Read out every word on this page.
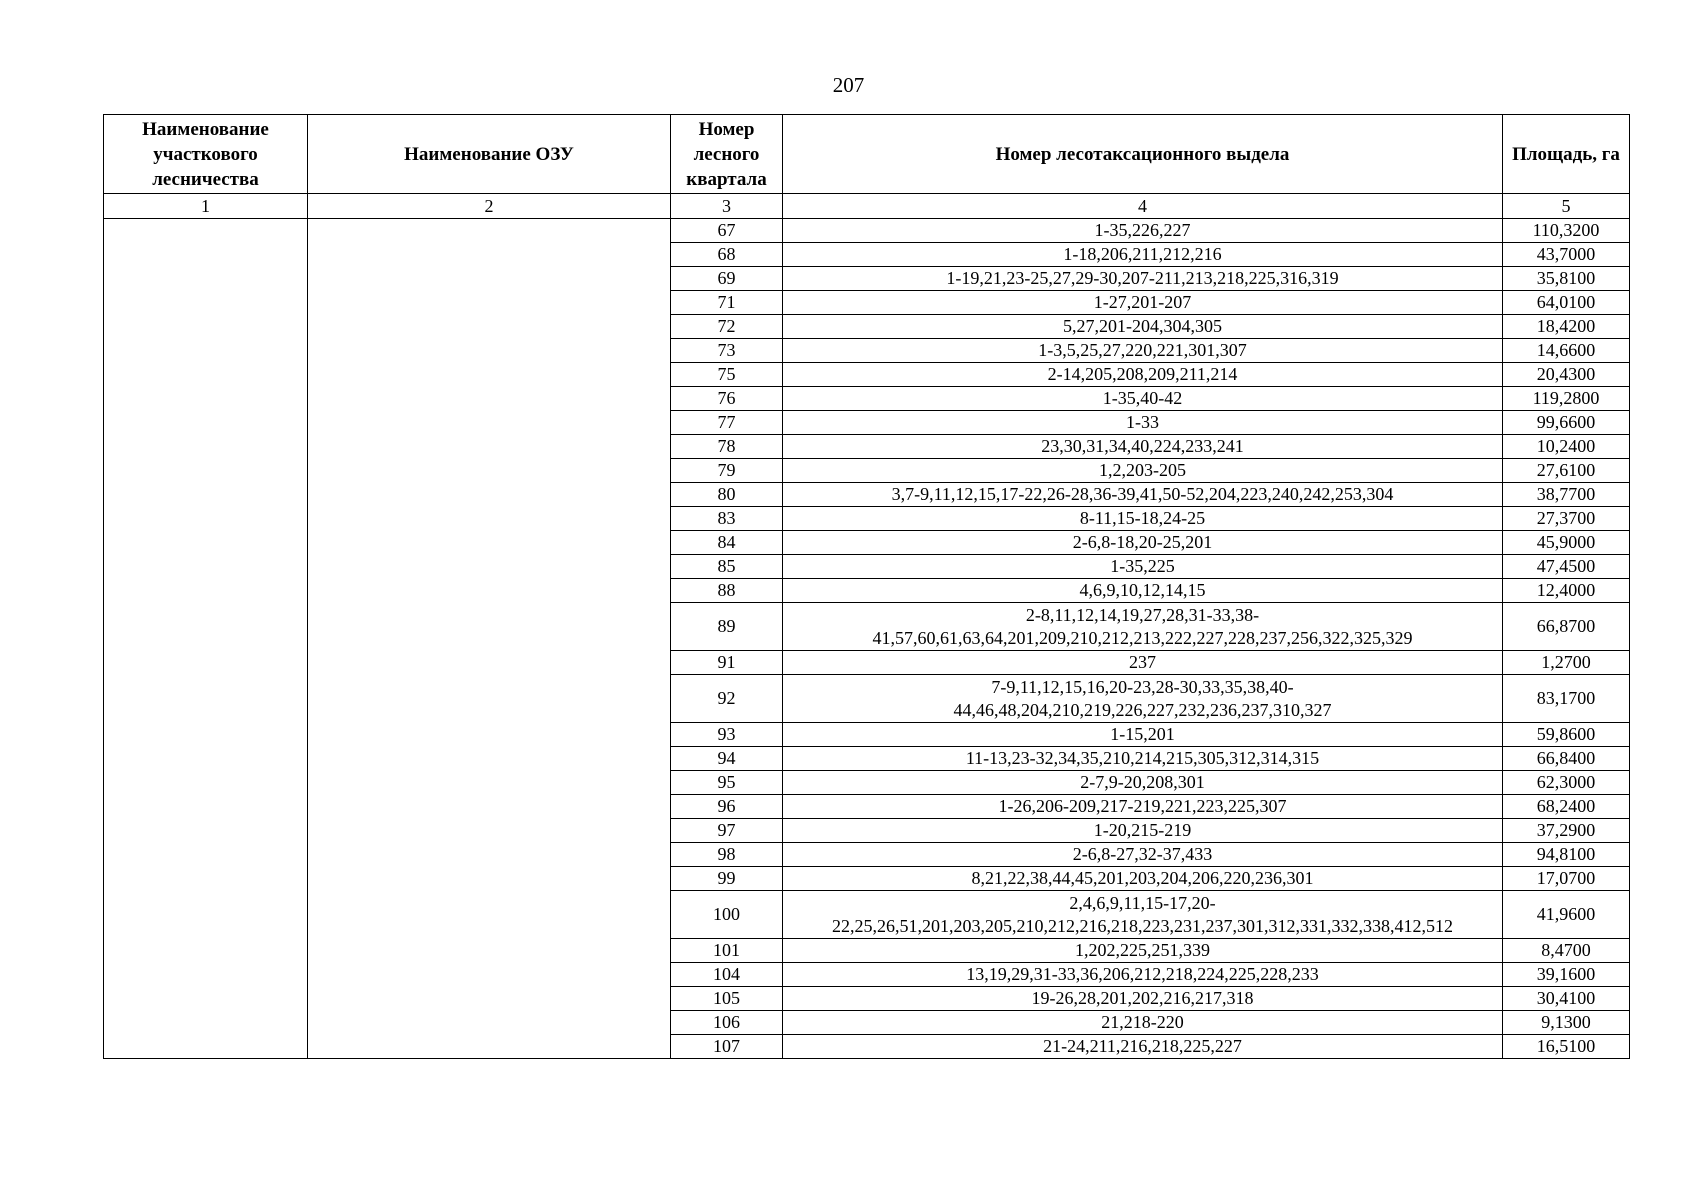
207
Наименование участкового лесничества	Наименование ОЗУ	Номер лесного квартала	Номер лесотаксационного выдела	Площадь, га
1	2	3	4	5
		67	1-35,226,227	110,3200
		68	1-18,206,211,212,216	43,7000
		69	1-19,21,23-25,27,29-30,207-211,213,218,225,316,319	35,8100
		71	1-27,201-207	64,0100
		72	5,27,201-204,304,305	18,4200
		73	1-3,5,25,27,220,221,301,307	14,6600
		75	2-14,205,208,209,211,214	20,4300
		76	1-35,40-42	119,2800
		77	1-33	99,6600
		78	23,30,31,34,40,224,233,241	10,2400
		79	1,2,203-205	27,6100
		80	3,7-9,11,12,15,17-22,26-28,36-39,41,50-52,204,223,240,242,253,304	38,7700
		83	8-11,15-18,24-25	27,3700
		84	2-6,8-18,20-25,201	45,9000
		85	1-35,225	47,4500
		88	4,6,9,10,12,14,15	12,4000
		89	2-8,11,12,14,19,27,28,31-33,38-
41,57,60,61,63,64,201,209,210,212,213,222,227,228,237,256,322,325,329	66,8700
		91	237	1,2700
		92	7-9,11,12,15,16,20-23,28-30,33,35,38,40-
44,46,48,204,210,219,226,227,232,236,237,310,327	83,1700
		93	1-15,201	59,8600
		94	11-13,23-32,34,35,210,214,215,305,312,314,315	66,8400
		95	2-7,9-20,208,301	62,3000
		96	1-26,206-209,217-219,221,223,225,307	68,2400
		97	1-20,215-219	37,2900
		98	2-6,8-27,32-37,433	94,8100
		99	8,21,22,38,44,45,201,203,204,206,220,236,301	17,0700
		100	2,4,6,9,11,15-17,20-
22,25,26,51,201,203,205,210,212,216,218,223,231,237,301,312,331,332,338,412,512	41,9600
		101	1,202,225,251,339	8,4700
		104	13,19,29,31-33,36,206,212,218,224,225,228,233	39,1600
		105	19-26,28,201,202,216,217,318	30,4100
		106	21,218-220	9,1300
		107	21-24,211,216,218,225,227	16,5100
